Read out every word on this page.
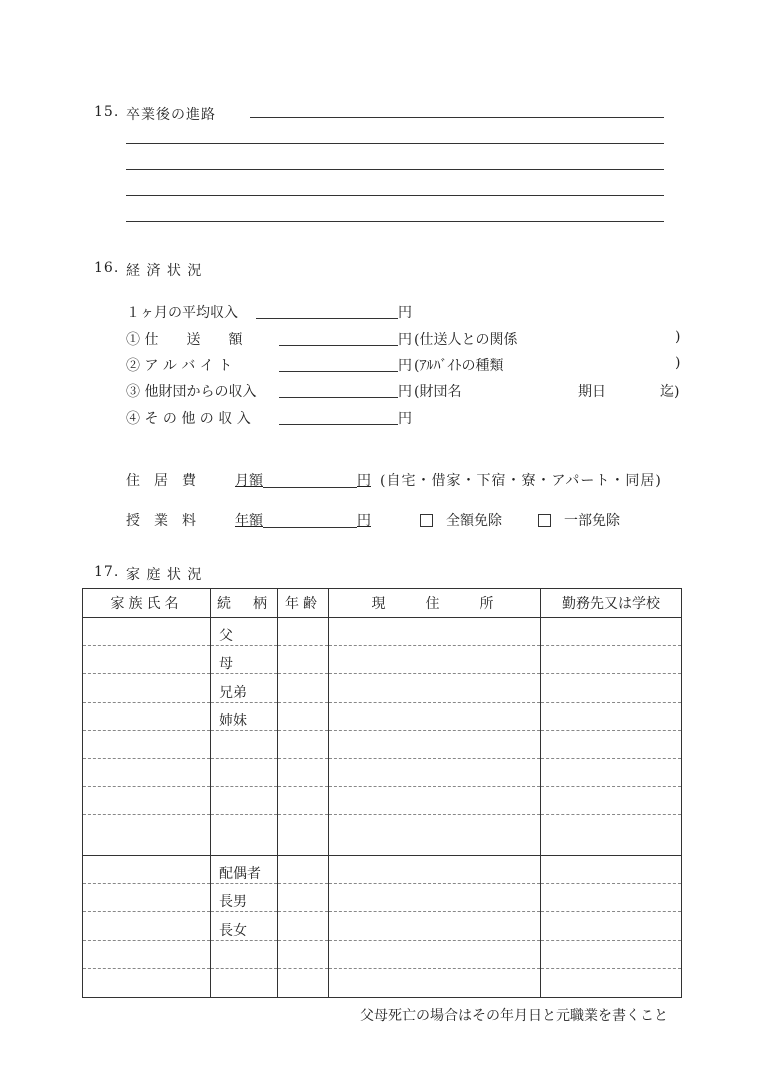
15. 卒業後の進路
16. 経 済 状 況
１ヶ月の平均収入	円
① 仕　　送　　額	円 (仕送人との関係	)
② ア ル バ イ ト	円 (ｱﾙﾊﾞｲﾄの種類	)
③ 他財団からの収入	円 (財団名	期日	迄)
④ そ の 他 の 収 入	円
住　居　費	月額	円 (自宅・借家・下宿・寮・アパート・同居)
授　業　料	年額	円	全額免除	一部免除
17. 家 庭 状 況
家族氏名	続　柄	年齢	現　　住　　所	勤務先又は学校
	父			
	母			
	兄弟			
	姉妹			

	配偶者			
	長男			
	長女			

父母死亡の場合はその年月日と元職業を書くこと
